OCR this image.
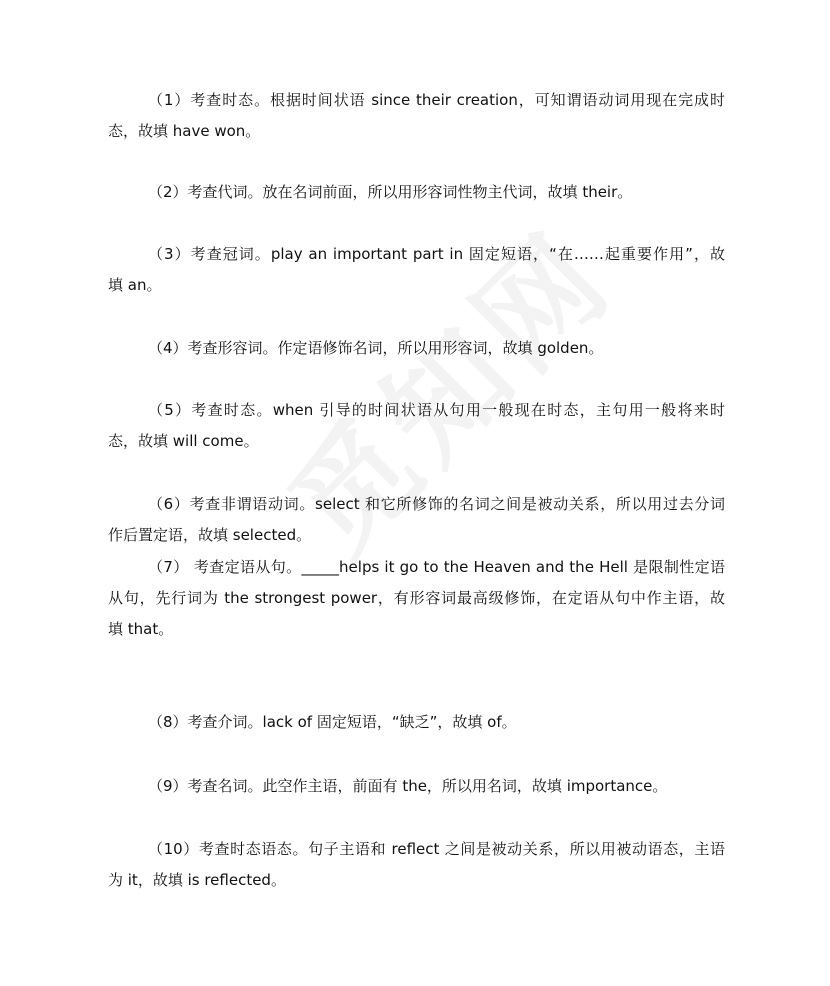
（1）考查时态。根据时间状语 since their creation，可知谓语动词用现在完成时
态，故填 have won。
（2）考查代词。放在名词前面，所以用形容词性物主代词，故填 their。
（3）考查冠词。play an important part in 固定短语，“在……起重要作用”，故
填 an。
（4）考查形容词。作定语修饰名词，所以用形容词，故填 golden。
（5）考查时态。when 引导的时间状语从句用一般现在时态，主句用一般将来时
态，故填 will come。
（6）考查非谓语动词。select 和它所修饰的名词之间是被动关系，所以用过去分词
作后置定语，故填 selected。
（7） 考查定语从句。_____helps it go to the Heaven and the Hell 是限制性定语
从句，先行词为 the strongest power，有形容词最高级修饰，在定语从句中作主语，故
填 that。
（8）考查介词。lack of 固定短语，“缺乏”，故填 of。
（9）考查名词。此空作主语，前面有 the，所以用名词，故填 importance。
（10）考查时态语态。句子主语和 reflect 之间是被动关系，所以用被动语态，主语
为 it，故填 is reflected。
